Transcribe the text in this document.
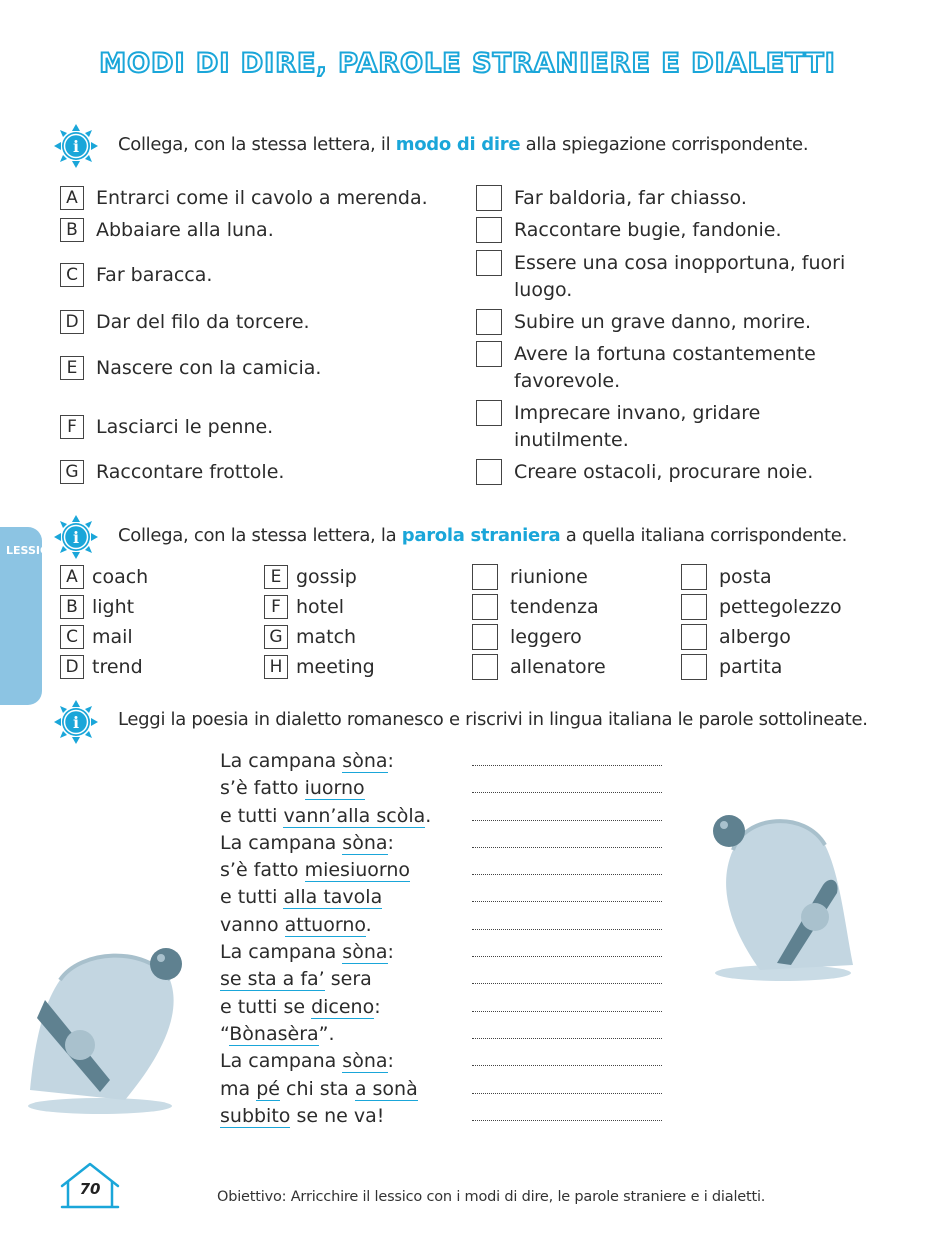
MODI DI DIRE, PAROLE STRANIERE E DIALETTI
LESSICO
i Collega, con la stessa lettera, il modo di dire alla spiegazione corrispondente.
A Entrarci come il cavolo a merenda.
B Abbaiare alla luna.
C Far baracca.
D Dar del filo da torcere.
E Nascere con la camicia.
F	Lasciarci le penne.
G Raccontare frottole.
Far baldoria, far chiasso.
Raccontare bugie, fandonie.
Essere una cosa inopportuna, fuori luogo.
Subire un grave danno, morire.
Avere la fortuna costantemente favorevole.
Imprecare invano, gridare inutilmente.
Creare ostacoli, procurare noie.
i Collega, con la stessa lettera, la parola straniera a quella italiana corrispondente.
A coach
B light
C mail
D trend
E gossip
F hotel
G match
H meeting
riunione
tendenza
leggero
allenatore
posta
pettegolezzo
albergo
partita
i Leggi la poesia in dialetto romanesco e riscrivi in lingua italiana le parole sottolineate.
La campana sòna:
s’è fatto iuorno
e tutti vann’alla scòla.
La campana sòna:
s’è fatto miesiuorno
e tutti alla tavola
vanno attuorno.
La campana sòna:
se sta a fa’ sera
e tutti se diceno:
“Bònasèra”.
La campana sòna:
ma pé chi sta a sonà
subbito se ne va!
70	Obiettivo: Arricchire il lessico con i modi di dire, le parole straniere e i dialetti.
